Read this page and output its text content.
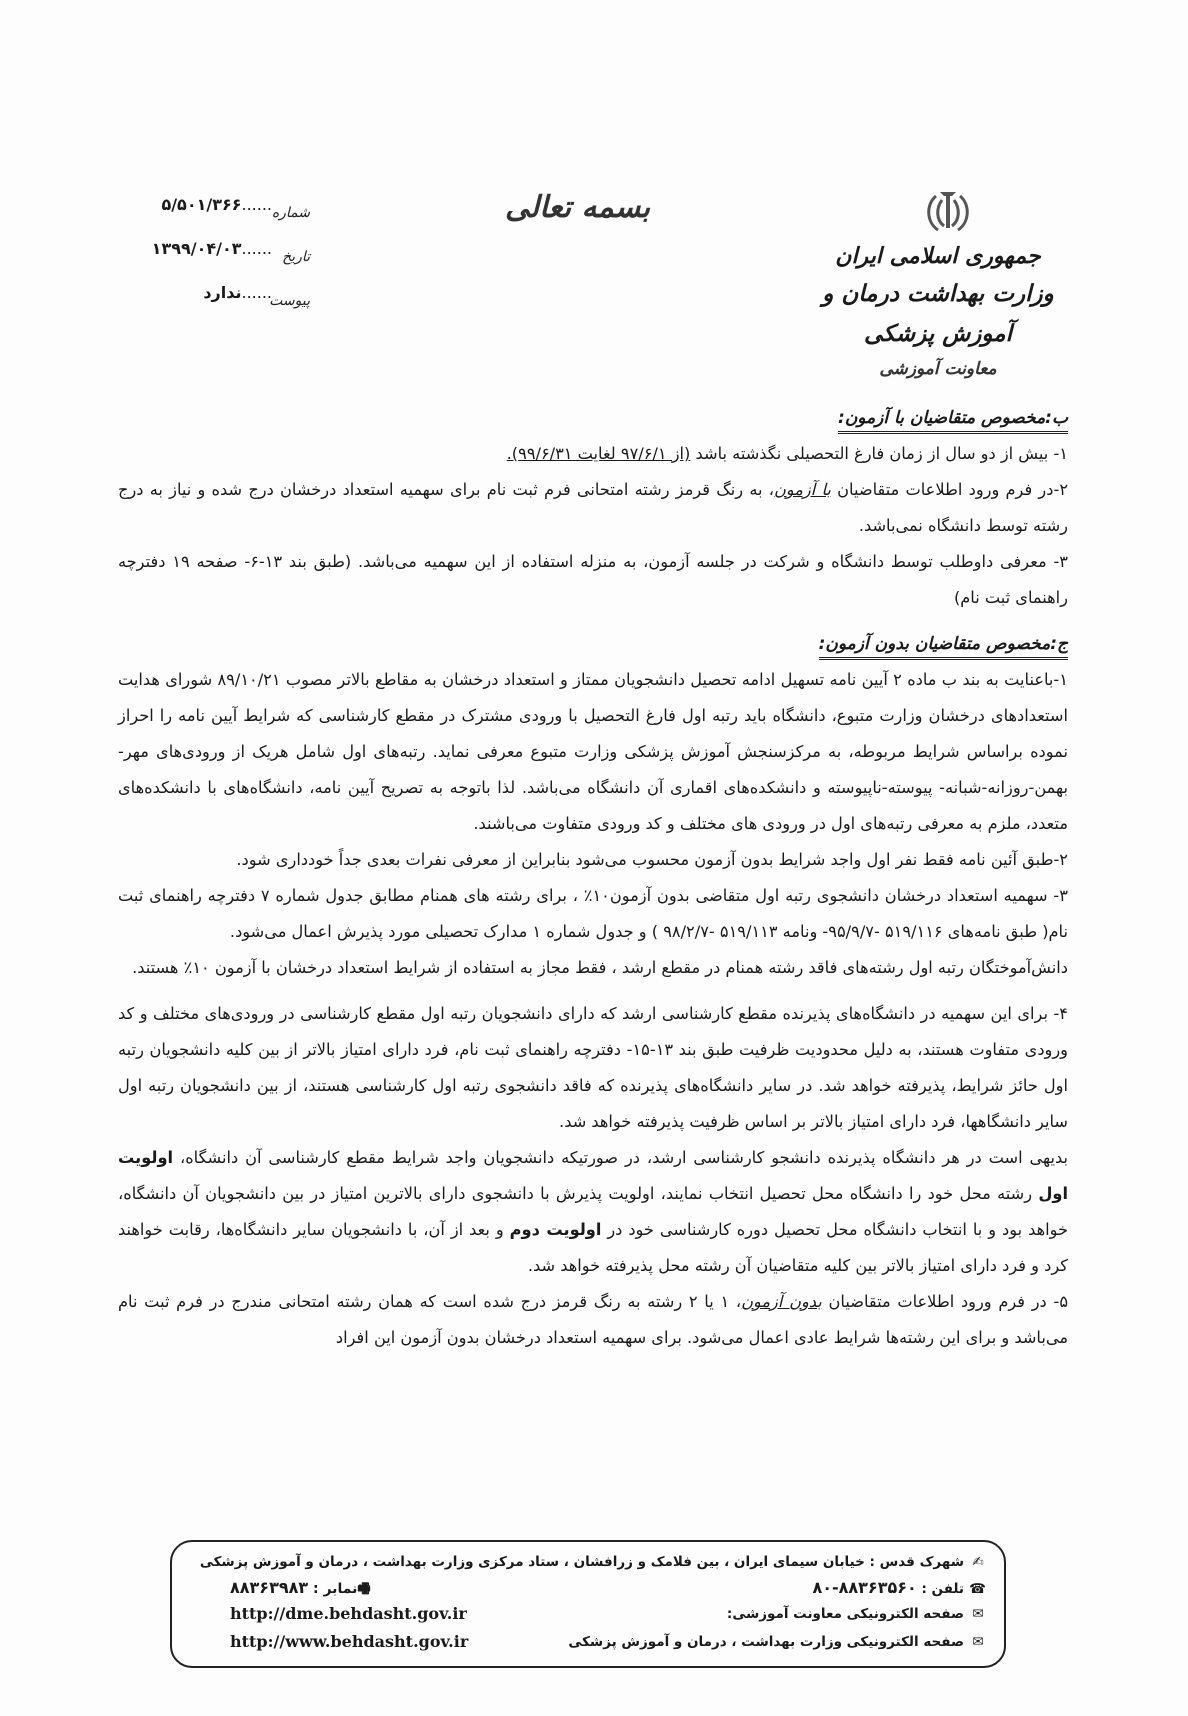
جمهوری اسلامی ایران
وزارت بهداشت درمان و آموزش پزشکی
معاونت آموزشی
بسمه تعالی
شماره
...... ۵/۵۰۱/۳۶۶
تاریخ
...... ۱۳۹۹/۰۴/۰۳
پیوست
...... ندارد
ب:مخصوص متقاضیان با آزمون:

۱- بیش از دو سال از زمان فارغ التحصیلی نگذشته باشد (از ۹۷/۶/۱ لغایت ۹۹/۶/۳۱).

۲-در فرم ورود اطلاعات متقاضیان با آزمون، به رنگ قرمز رشته امتحانی فرم ثبت نام برای سهمیه استعداد درخشان درج شده و نیاز به درج رشته توسط دانشگاه نمی‌باشد.

۳- معرفی داوطلب توسط دانشگاه و شرکت در جلسه آزمون، به منزله استفاده از این سهمیه می‌باشد. (طبق بند ۱۳-۶- صفحه ۱۹ دفترچه راهنمای ثبت نام)

ج:مخصوص متقاضیان بدون آزمون:

۱-باعنایت به بند ب ماده ۲ آیین نامه تسهیل ادامه تحصیل دانشجویان ممتاز و استعداد درخشان به مقاطع بالاتر مصوب ۸۹/۱۰/۲۱ شورای هدایت استعدادهای درخشان وزارت متبوع، دانشگاه باید رتبه اول فارغ التحصیل با ورودی مشترک در مقطع کارشناسی که شرایط آیین نامه را احراز نموده براساس شرایط مربوطه، به مرکزسنجش آموزش پزشکی وزارت متبوع معرفی نماید. رتبه‌های اول شامل هریک از ورودی‌های مهر-بهمن-روزانه-شبانه- پیوسته-ناپیوسته و دانشکده‌های اقماری آن دانشگاه می‌باشد. لذا باتوجه به تصریح آیین نامه، دانشگاه‌های با دانشکده‌های متعدد، ملزم به معرفی رتبه‌های اول در ورودی های مختلف و کد ورودی متفاوت می‌باشند.

۲-طبق آئین نامه فقط نفر اول واجد شرایط بدون آزمون محسوب می‌شود بنابراین از معرفی نفرات بعدی جداً خودداری شود.

۳- سهمیه استعداد درخشان دانشجوی رتبه اول متقاضی بدون آزمون۱۰٪ ، برای رشته های همنام مطابق جدول شماره ۷ دفترچه راهنمای ثبت نام( طبق نامه‌های ۵۱۹/۱۱۶ -۹۵/۹/۷- ونامه ۵۱۹/۱۱۳ -۹۸/۲/۷ ) و جدول شماره ۱ مدارک تحصیلی مورد پذیرش اعمال می‌شود.

دانش‌آموختگان رتبه اول رشته‌های فاقد رشته همنام در مقطع ارشد ، فقط مجاز به استفاده از شرایط استعداد درخشان با آزمون ۱۰٪ هستند.

۴- برای این سهمیه در دانشگاه‌های پذیرنده مقطع کارشناسی ارشد که دارای دانشجویان رتبه اول مقطع کارشناسی در ورودی‌های مختلف و کد ورودی متفاوت هستند، به دلیل محدودیت ظرفیت طبق بند ۱۳-۱۵- دفترچه راهنمای ثبت نام، فرد دارای امتیاز بالاتر از بین کلیه دانشجویان رتبه اول حائز شرایط، پذیرفته خواهد شد. در سایر دانشگاه‌های پذیرنده که فاقد دانشجوی رتبه اول کارشناسی هستند، از بین دانشجویان رتبه اول سایر دانشگاهها، فرد دارای امتیاز بالاتر بر اساس ظرفیت پذیرفته خواهد شد.

بدیهی است در هر دانشگاه پذیرنده دانشجو کارشناسی ارشد، در صورتیکه دانشجویان واجد شرایط مقطع کارشناسی آن دانشگاه، اولویت اول رشته محل خود را دانشگاه محل تحصیل انتخاب نمایند، اولویت پذیرش با دانشجوی دارای بالاترین امتیاز در بین دانشجویان آن دانشگاه، خواهد بود و با انتخاب دانشگاه محل تحصیل دوره کارشناسی خود در اولویت دوم و بعد از آن، با دانشجویان سایر دانشگاه‌ها، رقابت خواهند کرد و فرد دارای امتیاز بالاتر بین کلیه متقاضیان آن رشته محل پذیرفته خواهد شد.

۵- در فرم ورود اطلاعات متقاضیان بدون آزمون، ۱ یا ۲ رشته به رنگ قرمز درج شده است که همان رشته امتحانی مندرج در فرم ثبت نام می‌باشد و برای این رشته‌ها شرایط عادی اعمال می‌شود. برای سهمیه استعداد درخشان بدون آزمون این افراد

✍شهرک قدس : خیابان سیمای ایران ، بین فلامک و زرافشان ، ستاد مرکزی وزارت بهداشت ، درمان و آموزش پزشکی
☎تلفن : ۸۸۳۶۳۵۶۰-۸۰
🖷نمابر : ۸۸۳۶۳۹۸۳
✉صفحه الکترونیکی معاونت آموزشی:
http://dme.behdasht.gov.ir
✉صفحه الکترونیکی وزارت بهداشت ، درمان و آموزش پزشکی
http://www.behdasht.gov.ir
